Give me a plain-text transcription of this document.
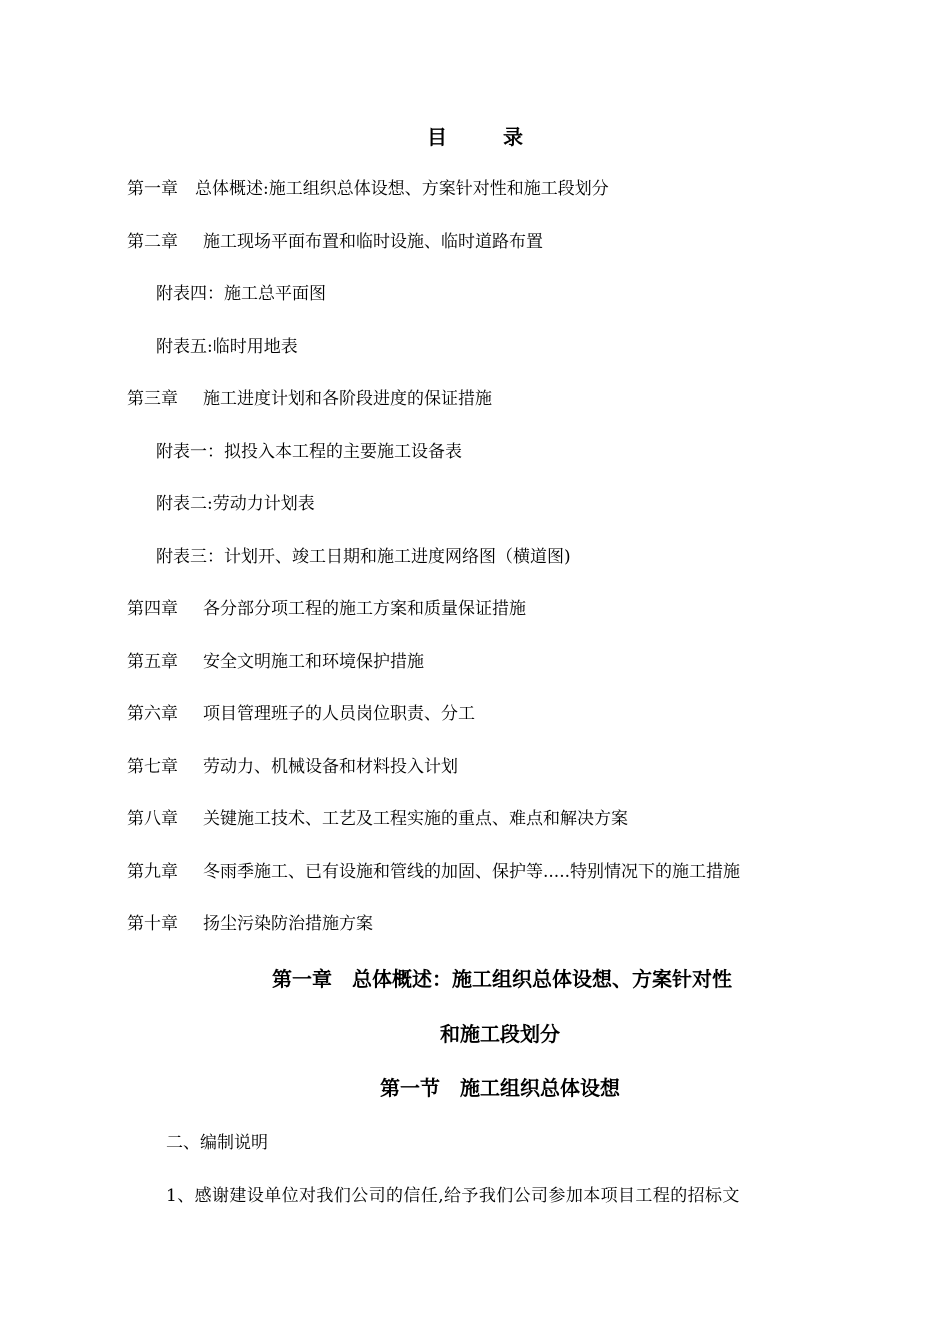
目	录
第一章 总体概述:施工组织总体设想、方案针对性和施工段划分
第二章 施工现场平面布置和临时设施、临时道路布置
附表四：施工总平面图
附表五:临时用地表
第三章 施工进度计划和各阶段进度的保证措施
附表一：拟投入本工程的主要施工设备表
附表二:劳动力计划表
附表三：计划开、竣工日期和施工进度网络图（横道图)
第四章 各分部分项工程的施工方案和质量保证措施
第五章 安全文明施工和环境保护措施
第六章 项目管理班子的人员岗位职责、分工
第七章 劳动力、机械设备和材料投入计划
第八章 关键施工技术、工艺及工程实施的重点、难点和解决方案
第九章 冬雨季施工、已有设施和管线的加固、保护等.....特别情况下的施工措施
第十章 扬尘污染防治措施方案
第一章　总体概述：施工组织总体设想、方案针对性
和施工段划分
第一节　施工组织总体设想
二、编制说明
1、感谢建设单位对我们公司的信任,给予我们公司参加本项目工程的招标文
